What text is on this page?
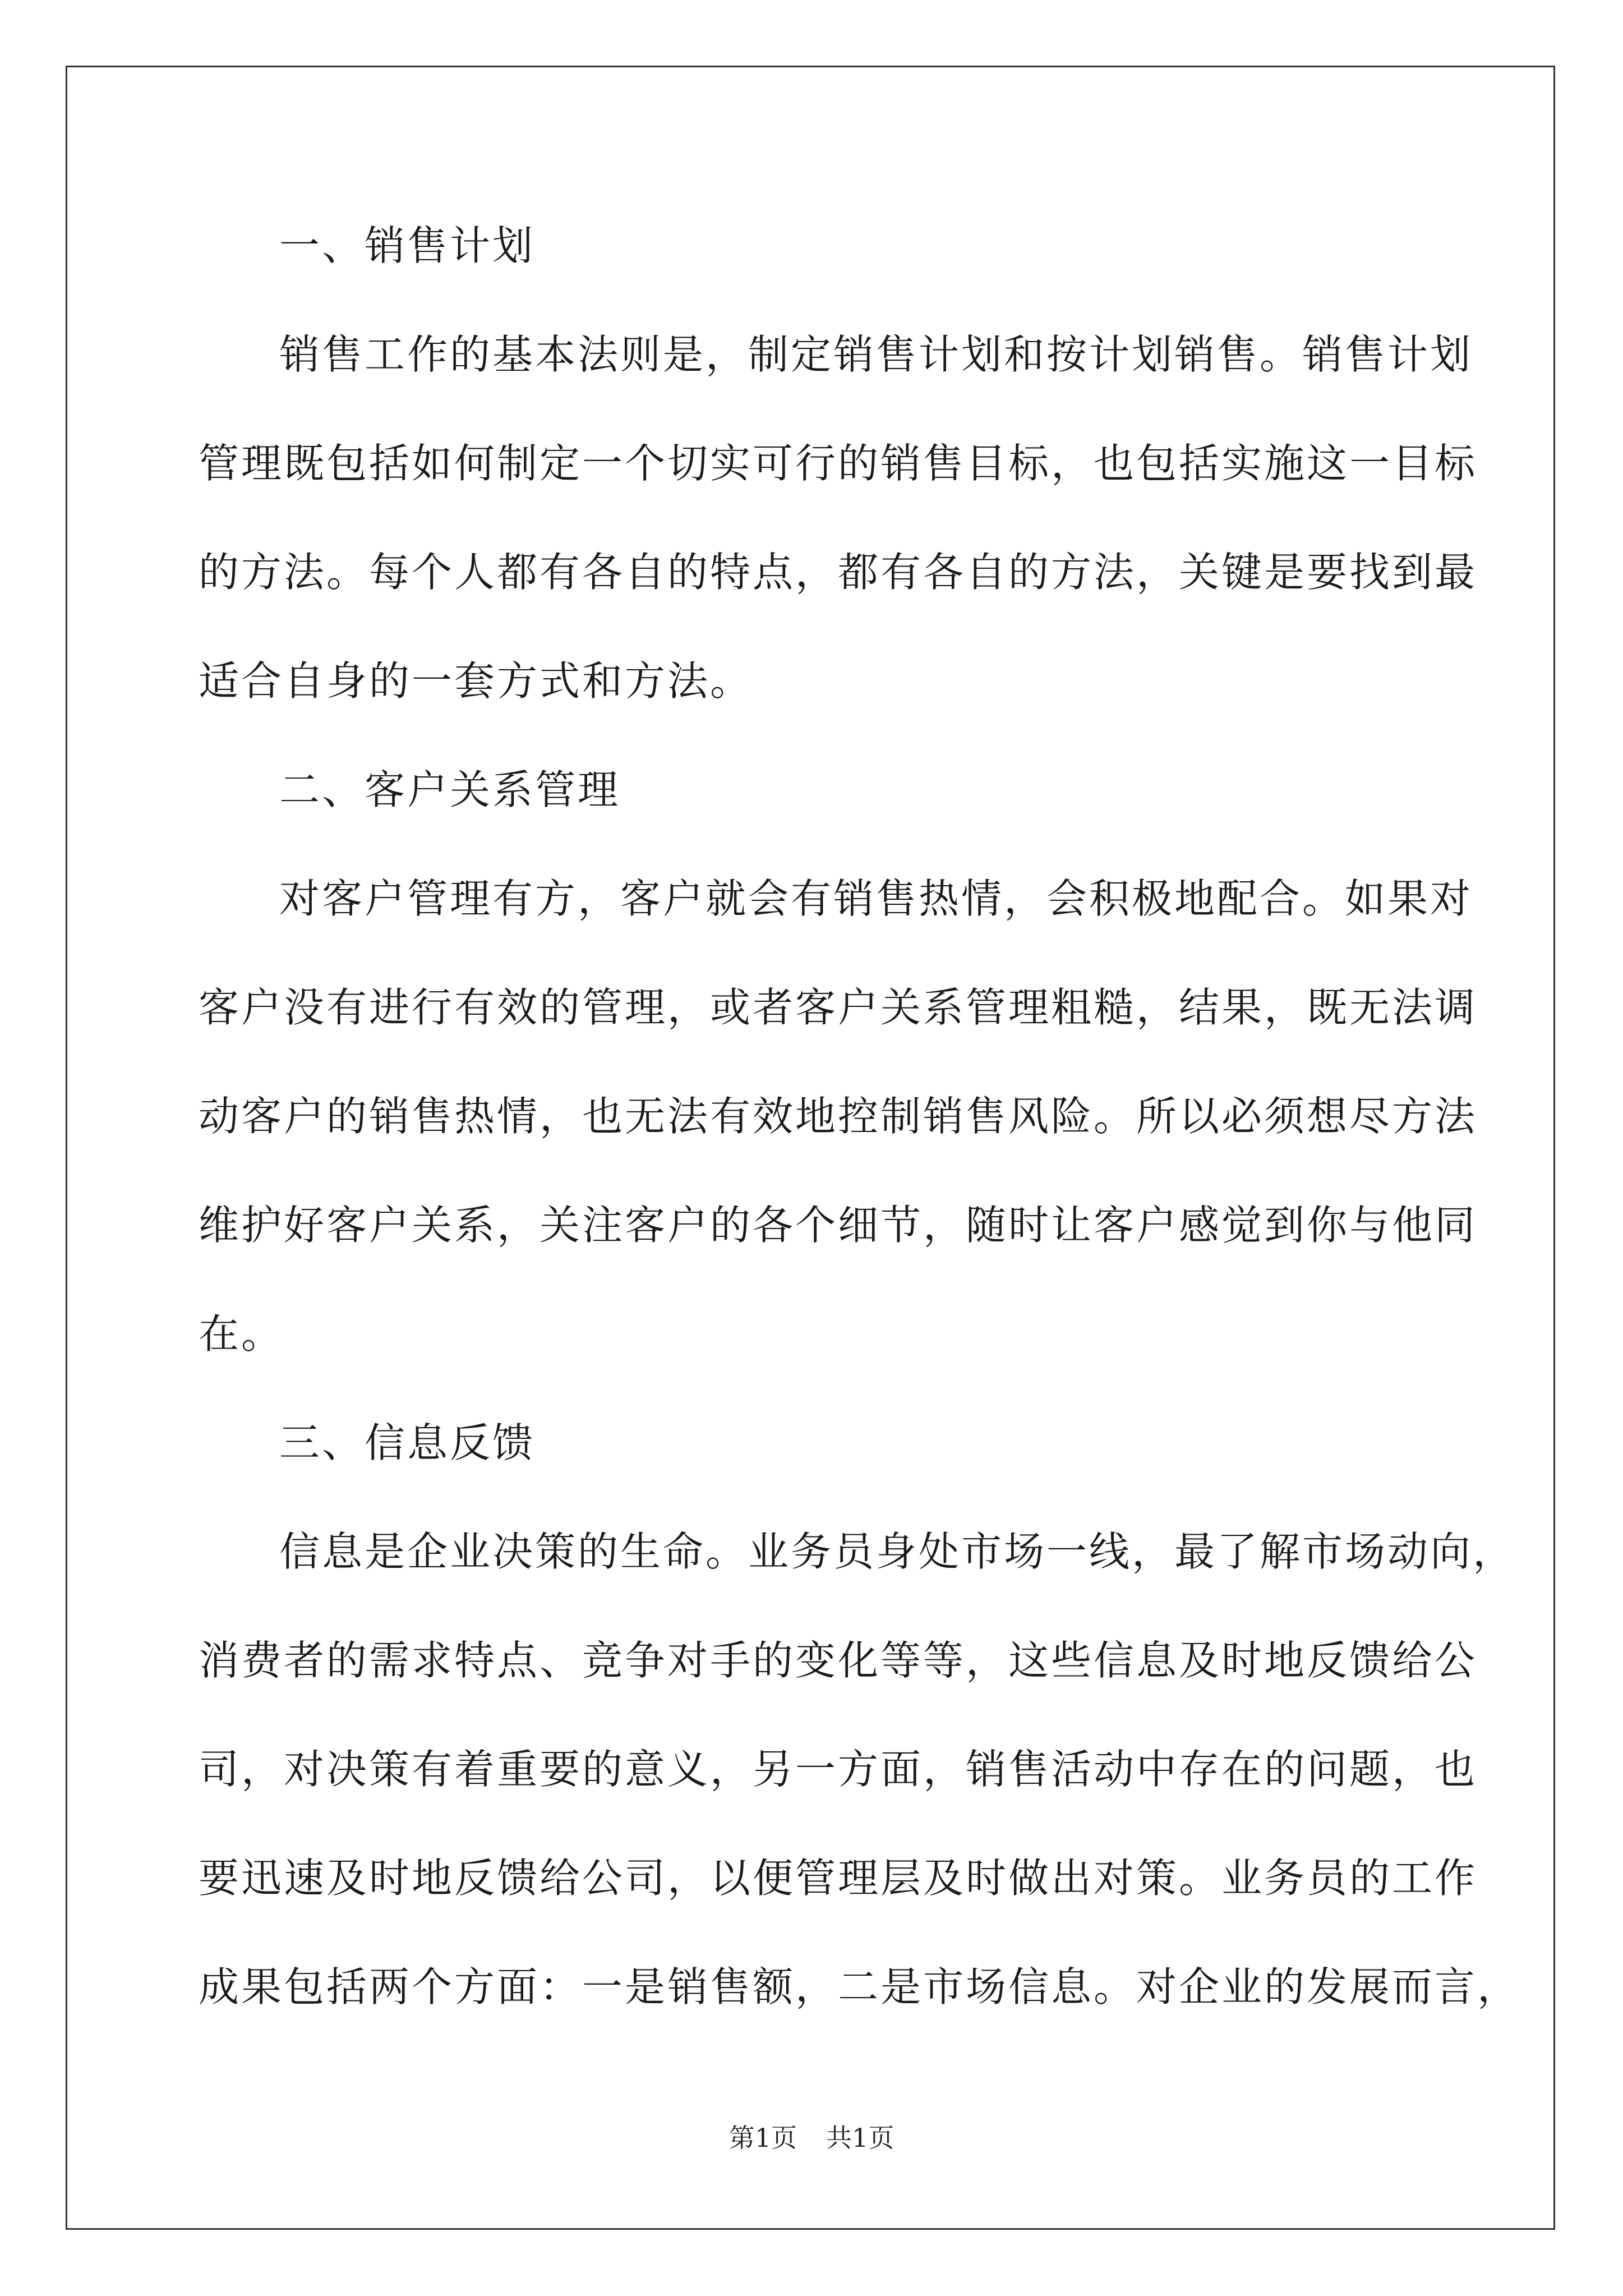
一、销售计划
销售工作的基本法则是，制定销售计划和按计划销售。销售计划
管理既包括如何制定一个切实可行的销售目标，也包括实施这一目标
的方法。每个人都有各自的特点，都有各自的方法，关键是要找到最
适合自身的一套方式和方法。
二、客户关系管理
对客户管理有方，客户就会有销售热情，会积极地配合。如果对
客户没有进行有效的管理，或者客户关系管理粗糙，结果，既无法调
动客户的销售热情，也无法有效地控制销售风险。所以必须想尽方法
维护好客户关系，关注客户的各个细节，随时让客户感觉到你与他同
在。
三、信息反馈
信息是企业决策的生命。业务员身处市场一线，最了解市场动向，
消费者的需求特点、竞争对手的变化等等，这些信息及时地反馈给公
司，对决策有着重要的意义，另一方面，销售活动中存在的问题，也
要迅速及时地反馈给公司，以便管理层及时做出对策。业务员的工作
成果包括两个方面：一是销售额，二是市场信息。对企业的发展而言，
第1页 共1页
